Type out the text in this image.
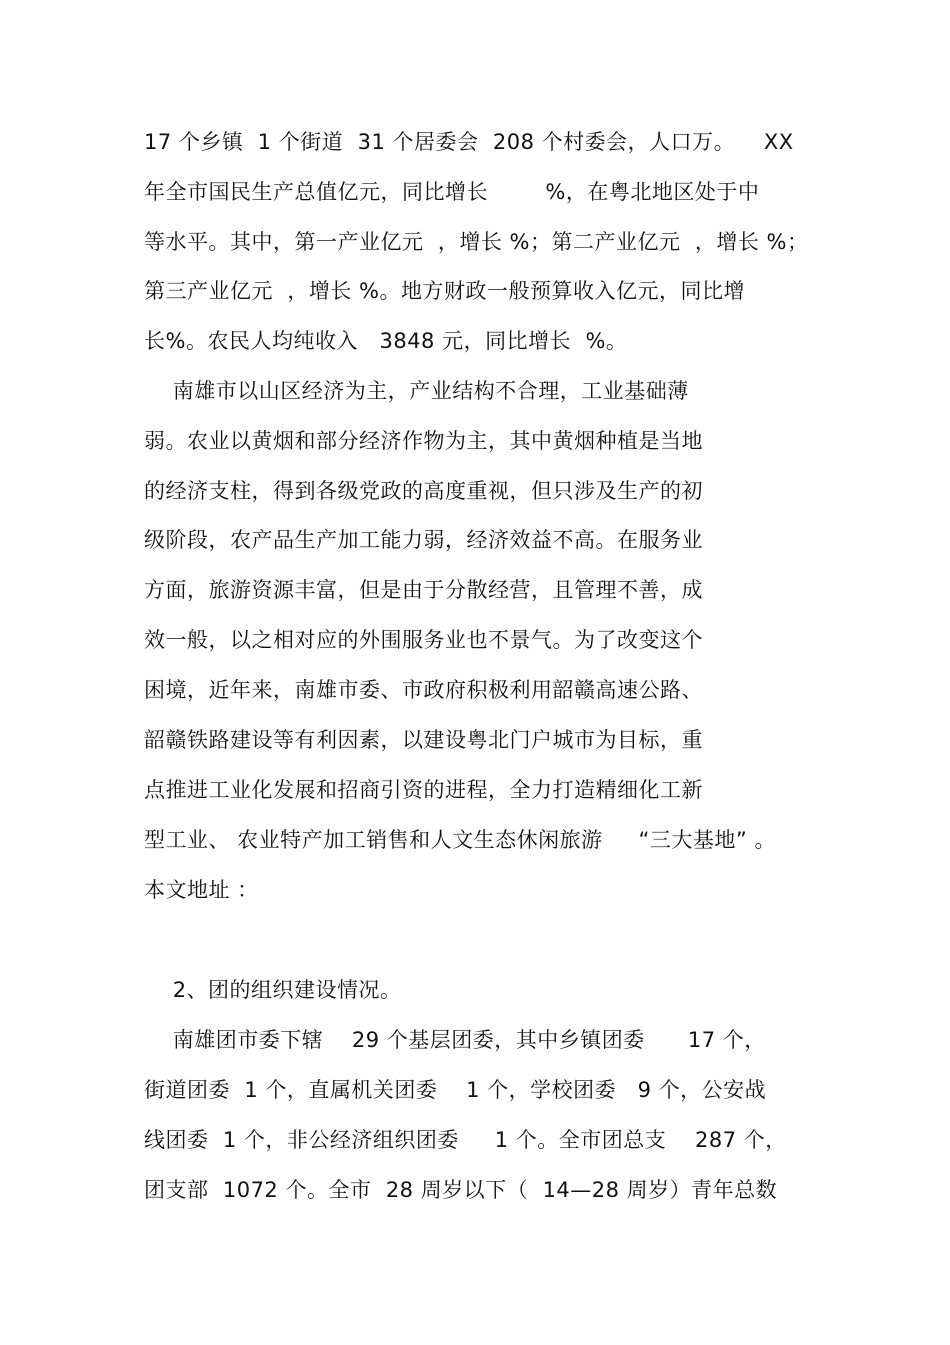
17 个乡镇  1 个街道  31 个居委会  208 个村委会，人口万。    XX
年全市国民生产总值亿元，同比增长        %，在粤北地区处于中
等水平。其中，第一产业亿元  ，增长 %；第二产业亿元  ，增长 %；
第三产业亿元  ，增长 %。地方财政一般预算收入亿元，同比增
长%。农民人均纯收入   3848 元，同比增长  %。
南雄市以山区经济为主，产业结构不合理，工业基础薄
弱。农业以黄烟和部分经济作物为主，其中黄烟种植是当地
的经济支柱，得到各级党政的高度重视，但只涉及生产的初
级阶段，农产品生产加工能力弱，经济效益不高。在服务业
方面，旅游资源丰富，但是由于分散经营，且管理不善，成
效一般，以之相对应的外围服务业也不景气。为了改变这个
困境，近年来，南雄市委、市政府积极利用韶赣高速公路、
韶赣铁路建设等有利因素，以建设粤北门户城市为目标，重
点推进工业化发展和招商引资的进程，全力打造精细化工新
型工业、 农业特产加工销售和人文生态休闲旅游     “三大基地” 。
本文地址 ：
2、团的组织建设情况。
南雄团市委下辖    29 个基层团委，其中乡镇团委      17 个，
街道团委  1 个，直属机关团委    1 个，学校团委   9 个，公安战
线团委  1 个，非公经济组织团委     1 个。全市团总支    287 个，
团支部  1072 个。全市  28 周岁以下（  14—28 周岁）青年总数
